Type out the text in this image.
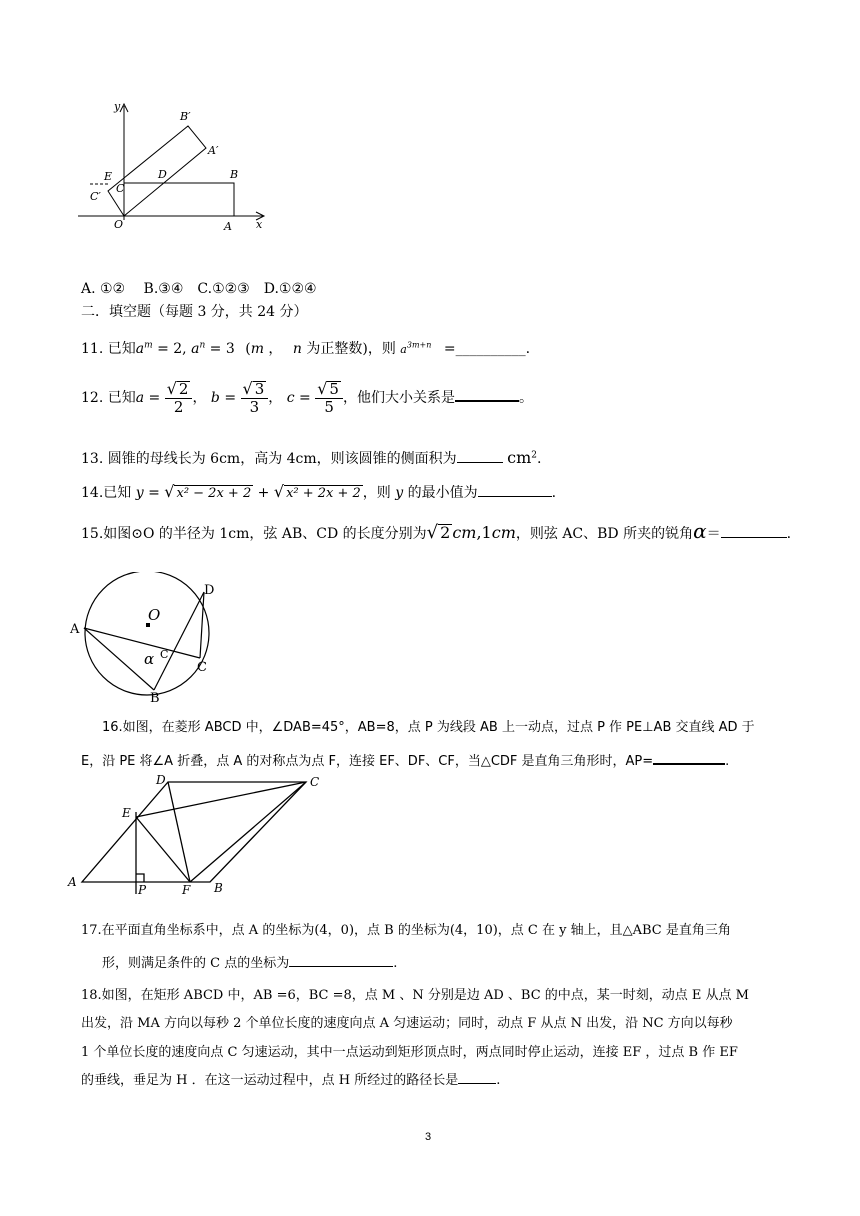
y
x
O	A
B
C
D
E
B′
A′
C′
A. ①②　 B.③④　C.①②③　D.①②④
二．填空题（每题 3 分，共 24 分）
11. 已知$a^m = 2$, $a^n = 3$ (m ， n 为正整数)，则 $a^{3m+n}$ =__________.
12. 已知$a = \frac{√ 2}{2}$ ， $b = \frac{√ 3}{3}$ ， $c = \frac{√ 5}{5}$ ，他们大小关系是	。
13. 圆锥的母线长为 6cm，高为 4cm，则该圆锥的侧面积为	$cm^2$.
14.已知 y = √ x² − 2x + 2 + √ x² + 2x + 2 ，则 y 的最小值为	.
15.如图⊙O 的半径为 1cm，弦 AB、CD 的长度分别为√ 2 cm,1cm，则弦 AC、BD 所夹的锐角α＝	.
A
B
C
D
O
α C
16.如图，在菱形 ABCD 中，∠DAB=45°，AB=8，点 P 为线段 AB 上一动点，过点 P 作 PE⊥AB 交直线 AD 于
E，沿 PE 将∠A 折叠，点 A 的对称点为点 F，连接 EF、DF、CF，当△CDF 是直角三角形时，AP=	.
A	B
C
D
E
P	F
17.在平面直角坐标系中，点 A 的坐标为(4，0)，点 B 的坐标为(4，10)，点 C 在 y 轴上，且△ABC 是直角三角
形，则满足条件的 C 点的坐标为	.
18.如图，在矩形 ABCD 中，AB =6，BC =8，点 M 、N 分别是边 AD 、BC 的中点，某一时刻，动点 E 从点 M
出发，沿 MA 方向以每秒 2 个单位长度的速度向点 A 匀速运动；同时，动点 F 从点 N 出发，沿 NC 方向以每秒
1 个单位长度的速度向点 C 匀速运动，其中一点运动到矩形顶点时，两点同时停止运动，连接 EF ，过点 B 作 EF
的垂线，垂足为 H ．在这一运动过程中，点 H 所经过的路径长是	.
3
